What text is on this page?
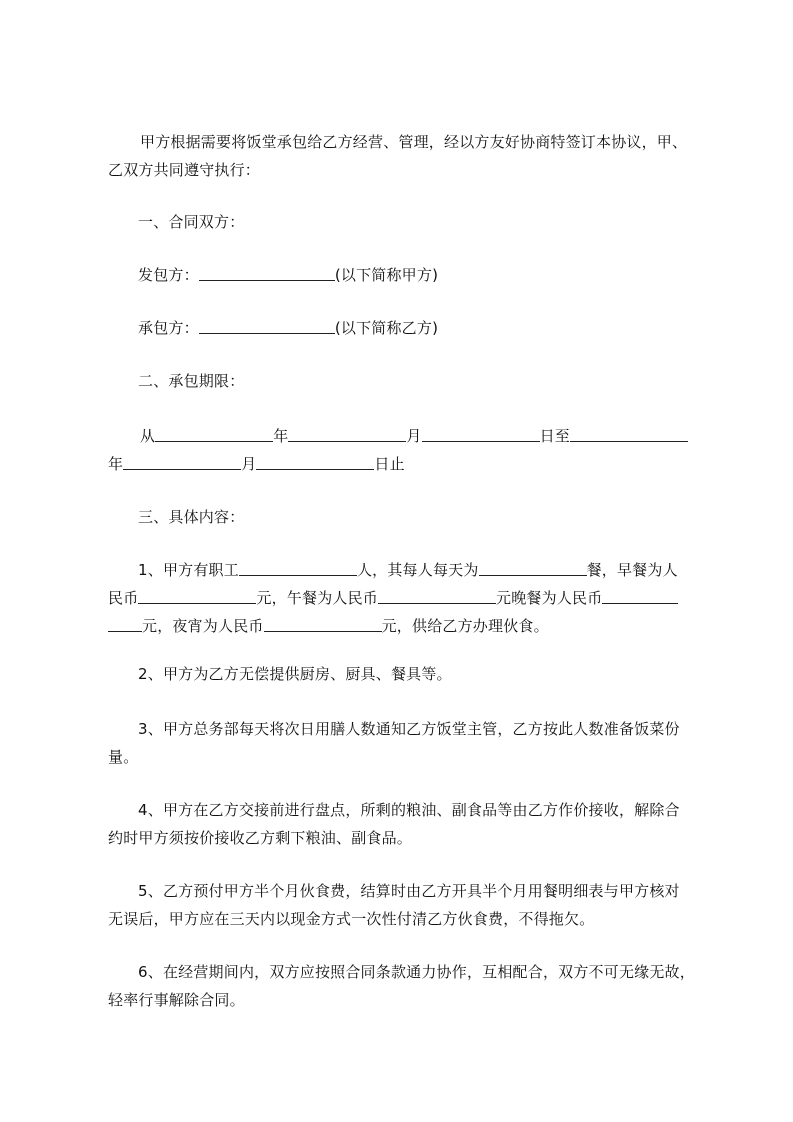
甲方根据需要将饭堂承包给乙方经营、管理，经以方友好协商特签订本协议，甲、
乙双方共同遵守执行：
一、合同双方：
发包方：	(以下简称甲方)
承包方：	(以下简称乙方)
二、承包期限：
从	年	月	日至
年	月	日止
三、具体内容：
1、甲方有职工	人，其每人每天为	餐，早餐为人
民币	元，午餐为人民币	元晚餐为人民币
元，夜宵为人民币	元，供给乙方办理伙食。
2、甲方为乙方无偿提供厨房、厨具、餐具等。
3、甲方总务部每天将次日用膳人数通知乙方饭堂主管，乙方按此人数准备饭菜份
量。
4、甲方在乙方交接前进行盘点，所剩的粮油、副食品等由乙方作价接收，解除合
约时甲方须按价接收乙方剩下粮油、副食品。
5、乙方预付甲方半个月伙食费，结算时由乙方开具半个月用餐明细表与甲方核对
无误后，甲方应在三天内以现金方式一次性付清乙方伙食费，不得拖欠。
6、在经营期间内，双方应按照合同条款通力协作，互相配合，双方不可无缘无故，
轻率行事解除合同。
